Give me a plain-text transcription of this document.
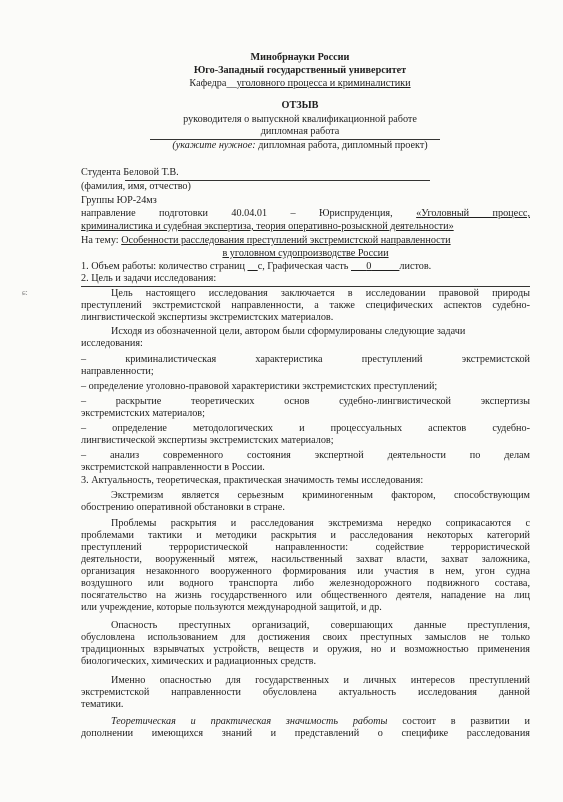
Минобрнауки России
Юго-Западный государственный университет
Кафедра__уголовного процесса и криминалистики
ОТЗЫВ
руководителя о выпускной квалификационной работе
дипломная работа
(укажите нужное: дипломная работа, дипломный проект)
Студента Беловой Т.В.
(фамилия, имя, отчество)
Группы ЮР-24мз
направление подготовки 40.04.01 – Юриспруденция, «Уголовный процесс,
криминалистика и судебная экспертиза, теория оперативно-розыскной деятельности»
На тему: Особенности расследования преступлений экстремистской направленности
в уголовном судопроизводстве России
1. Объем работы: количество страниц с, Графическая часть 0	листов.
2. Цель и задачи исследования:
ɕ:	Цель настоящего исследования заключается в исследовании правовой природы
преступлений экстремистской направленности, а также специфических аспектов судебно-
лингвистической экспертизы экстремистских материалов.
Исходя из обозначенной цели, автором были сформулированы следующие задачи
исследования:
– криминалистическая характеристика преступлений экстремистской
направленности;
– определение уголовно-правовой характеристики экстремистских преступлений;
– раскрытие теоретических основ судебно-лингвистической экспертизы
экстремистских материалов;
– определение методологических и процессуальных аспектов судебно-
лингвистической экспертизы экстремистских материалов;
– анализ современного состояния экспертной деятельности по делам
экстремистской направленности в России.
3. Актуальность, теоретическая, практическая значимость темы исследования:
Экстремизм является серьезным криминогенным фактором, способствующим
обострению оперативной обстановки в стране.
Проблемы раскрытия и расследования экстремизма нередко соприкасаются с
проблемами тактики и методики раскрытия и расследования некоторых категорий
преступлений террористической направленности: содействие террористической
деятельности, вооруженный мятеж, насильственный захват власти, захват заложника,
организация незаконного вооруженного формирования или участия в нем, угон судна
воздушного или водного транспорта либо железнодорожного подвижного состава,
посягательство на жизнь государственного или общественного деятеля, нападение на лиц
или учреждение, которые пользуются международной защитой, и др.
Опасность преступных организаций, совершающих данные преступления,
обусловлена использованием для достижения своих преступных замыслов не только
традиционных взрывчатых устройств, веществ и оружия, но и возможностью применения
биологических, химических и радиационных средств.
Именно опасностью для государственных и личных интересов преступлений
экстремистской направленности обусловлена актуальность исследования данной
тематики.
Теоретическая и практическая значимость работы состоит в развитии и
дополнении имеющихся знаний и представлений о специфике расследования
